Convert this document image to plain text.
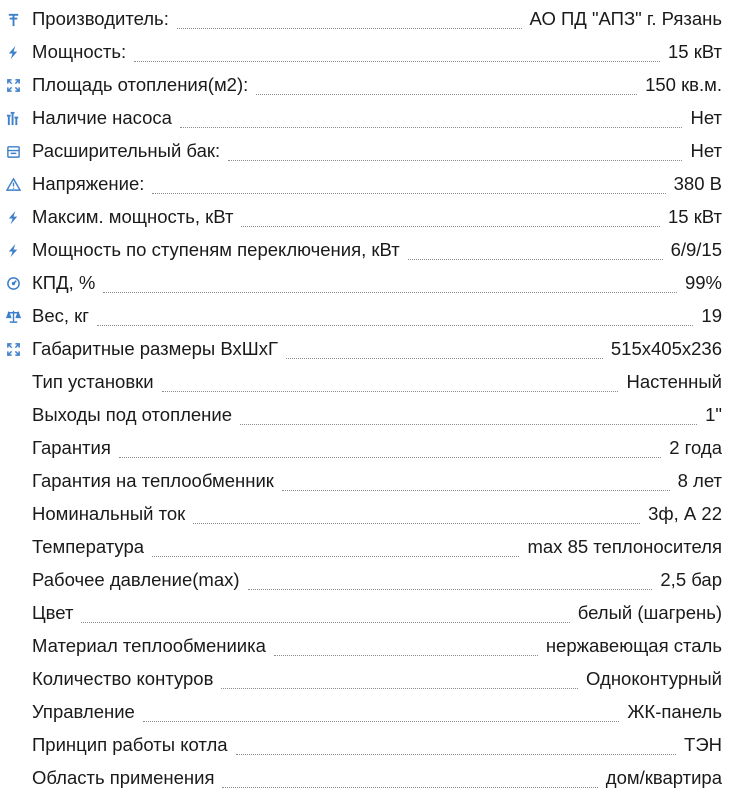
Производитель:	АО ПД "АПЗ" г. Рязань
Мощность:	15 кВт
Площадь отопления(м2):	150 кв.м.
Наличие насоса	Нет
Расширительный бак:	Нет
Напряжение:	380 В
Максим. мощность, кВт	15 кВт
Мощность по ступеням переключения, кВт	6/9/15
КПД, %	99%
Вес, кг	19
Габаритные размеры ВхШхГ	515x405x236
Тип установки	Настенный
Выходы под отопление	1"
Гарантия	2 года
Гарантия на теплообменник	8 лет
Номинальный ток	3ф, А 22
Температура	max 85 теплоносителя
Рабочее давление(max)	2,5 бар
Цвет	белый (шагрень)
Материал теплообмениика	нержавеющая сталь
Количество контуров	Одноконтурный
Управление	ЖК-панель
Принцип работы котла	ТЭН
Область применения	дом/квартира
